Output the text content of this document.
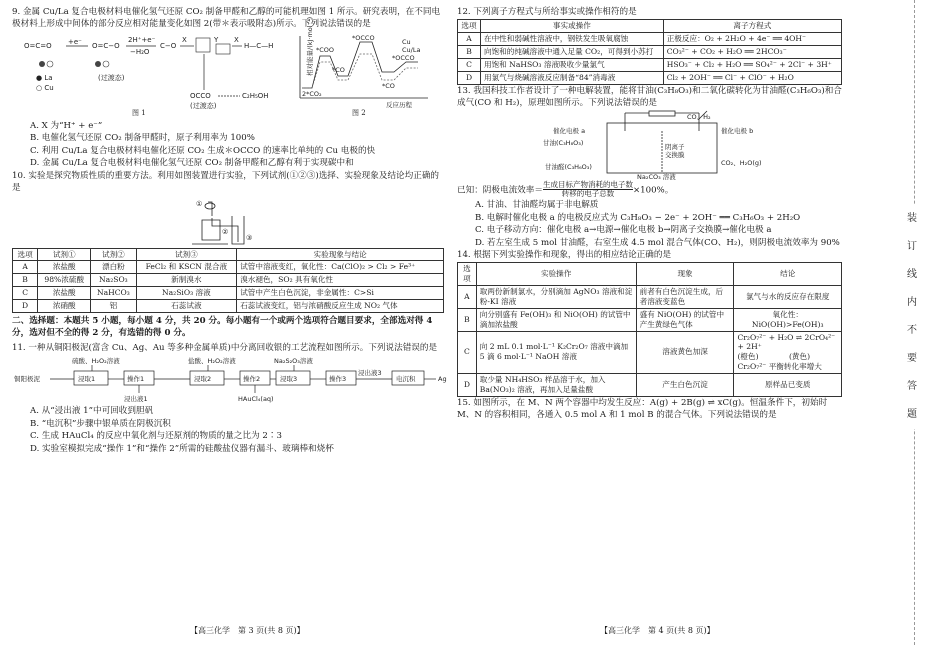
9. 金属 Cu/La 复合电极材料电催化氢气还原 CO₂ 制备甲醛和乙醇的可能机理如图 1 所示。研究表明，在不同电极材料上形成中间体的部分反应相对能量变化如图 2(带＊表示吸附态)所示。下列说法错误的是

O=C=O +e⁻ O=C−O
2H⁺+e⁻
−H₂O
C−O
X	Y X
H—C—H
● La
○ Cu
(过渡态)
OCCO
(过渡态)
C₂H₅OH
图 1
相对能量/(kJ·mol⁻¹)
反应历程
2*CO₂
*COO
*CO
*OCCO
*OCCO
*CO
Cu
Cu/La
图 2

A. X 为“H⁺ + e⁻”

B. 电催化氢气还原 CO₂ 制备甲醛时，原子利用率为 100%

C. 利用 Cu/La 复合电极材料电催化还原 CO₂ 生成＊OCCO 的速率比单纯的 Cu 电极的快

D. 金属 Cu/La 复合电极材料电催化氢气还原 CO₂ 制备甲醛和乙醇有利于实现碳中和

10. 实验是探究物质性质的重要方法。利用如图装置进行实验，下列试剂(①②③)选择、实验现象及结论均正确的是

①
②
③
选项	试剂①	试剂②	试剂③	实验现象与结论
A	浓盐酸	漂白粉	FeCl₂ 和 KSCN 混合液	试管中溶液变红，氧化性：Ca(ClO)₂ > Cl₂ > Fe³⁺
B	98%浓硫酸	Na₂SO₃	新制溴水	溴水褪色，SO₂ 具有氧化性
C	浓盐酸	NaHCO₃	Na₂SiO₃ 溶液	试管中产生白色沉淀，非金属性：C>Si
D	浓硝酸	铝	石蕊试液	石蕊试液变红，铝与浓硝酸反应生成 NO₂ 气体

二、选择题：本题共 5 小题，每小题 4 分，共 20 分。每小题有一个或两个选项符合题目要求，全部选对得 4 分，选对但不全的得 2 分，有选错的得 0 分。

11. 一种从铜阳极泥(富含 Cu、Ag、Au 等多种金属单质)中分离回收银的工艺流程如图所示。下列说法错误的是

硫酸、H₂O₂溶液	盐酸、H₂O₂溶液	Na₂S₂O₃溶液
铜阳极泥	浸取1	操作1	浸取2	操作2	浸取3	操作3	电沉积	Ag
浸出液1	HAuCl₄(aq)
浸出液3

A. 从“浸出液 1”中可回收到胆矾

B. “电沉积”步骤中银单质在阴极沉积

C. 生成 HAuCl₄ 的反应中氧化剂与还原剂的物质的量之比为 2∶3

D. 实验室模拟完成“操作 1”和“操作 2”所需的硅酸盐仪器有漏斗、玻璃棒和烧杯

【高三化学　第 3 页(共 8 页)】

12. 下列离子方程式与所给事实或操作相符的是

选项	事实或操作	离子方程式
A	在中性和弱碱性溶液中，钢铁发生吸氧腐蚀	正极反应：O₂ + 2H₂O + 4e⁻ ══ 4OH⁻
B	向饱和的纯碱溶液中通入足量 CO₂，可得到小苏打	CO₃²⁻ + CO₂ + H₂O ══ 2HCO₃⁻
C	用饱和 NaHSO₃ 溶液吸收少量氯气	HSO₃⁻ + Cl₂ + H₂O ══ SO₄²⁻ + 2Cl⁻ + 3H⁺
D	用氯气与烧碱溶液反应制备“84”消毒液	Cl₂ + 2OH⁻ ══ Cl⁻ + ClO⁻ + H₂O

13. 我国科技工作者设计了一种电解装置，能将甘油(C₃H₈O₃)和二氧化碳转化为甘油醛(C₃H₆O₃)和合成气(CO 和 H₂)，原理如图所示。下列说法错误的是

CO、H₂
催化电极 a	催化电极 b
甘油(C₃H₈O₃)	阴离子
交换膜
甘油醛(C₃H₆O₃)
Na₂CO₃ 溶液
CO₂、H₂O(g)

已知：阴极电流效率＝
生成目标产物消耗的电子数
转移的电子总数	×100%。

A. 甘油、甘油醛均属于非电解质

B. 电解时催化电极 a 的电极反应式为 C₃H₈O₃ − 2e⁻ + 2OH⁻ ══ C₃H₆O₃ + 2H₂O

C. 电子移动方向：催化电极 a→电源→催化电极 b→阴离子交换膜→催化电极 a

D. 若左室生成 5 mol 甘油醛，右室生成 4.5 mol 混合气体(CO、H₂)，则阴极电流效率为 90%

14. 根据下列实验操作和现象，得出的相应结论正确的是

选项	实验操作	现象	结论
A	取两份新制氯水，分别滴加 AgNO₃ 溶液和淀粉-KI 溶液	前者有白色沉淀生成，后者溶液变蓝色	氯气与水的反应存在限度
B	向分别盛有 Fe(OH)₃ 和 NiO(OH) 的试管中滴加浓盐酸	盛有 NiO(OH) 的试管中产生黄绿色气体	氧化性：NiO(OH)>Fe(OH)₃
C	向 2 mL 0.1 mol·L⁻¹ K₂Cr₂O₇ 溶液中滴加 5 滴 6 mol·L⁻¹ NaOH 溶液	溶液黄色加深	Cr₂O₇²⁻ + H₂O ⇌ 2CrO₄²⁻ + 2H⁺
(橙色)　　　　(黄色)
Cr₂O₇²⁻ 平衡转化率增大
D	取少量 NH₄HSO₃ 样品溶于水，加入 Ba(NO₃)₂ 溶液，再加入足量盐酸	产生白色沉淀	原样品已变质

15. 如图所示，在 M、N 两个容器中均发生反应：A(g) + 2B(g) ⇌ xC(g)。恒温条件下，初始时 M、N 的容积相同，各通入 0.5 mol A 和 1 mol B 的混合气体。下列说法错误的是

【高三化学　第 4 页(共 8 页)】
装
订
线
内
不
要
答
题
